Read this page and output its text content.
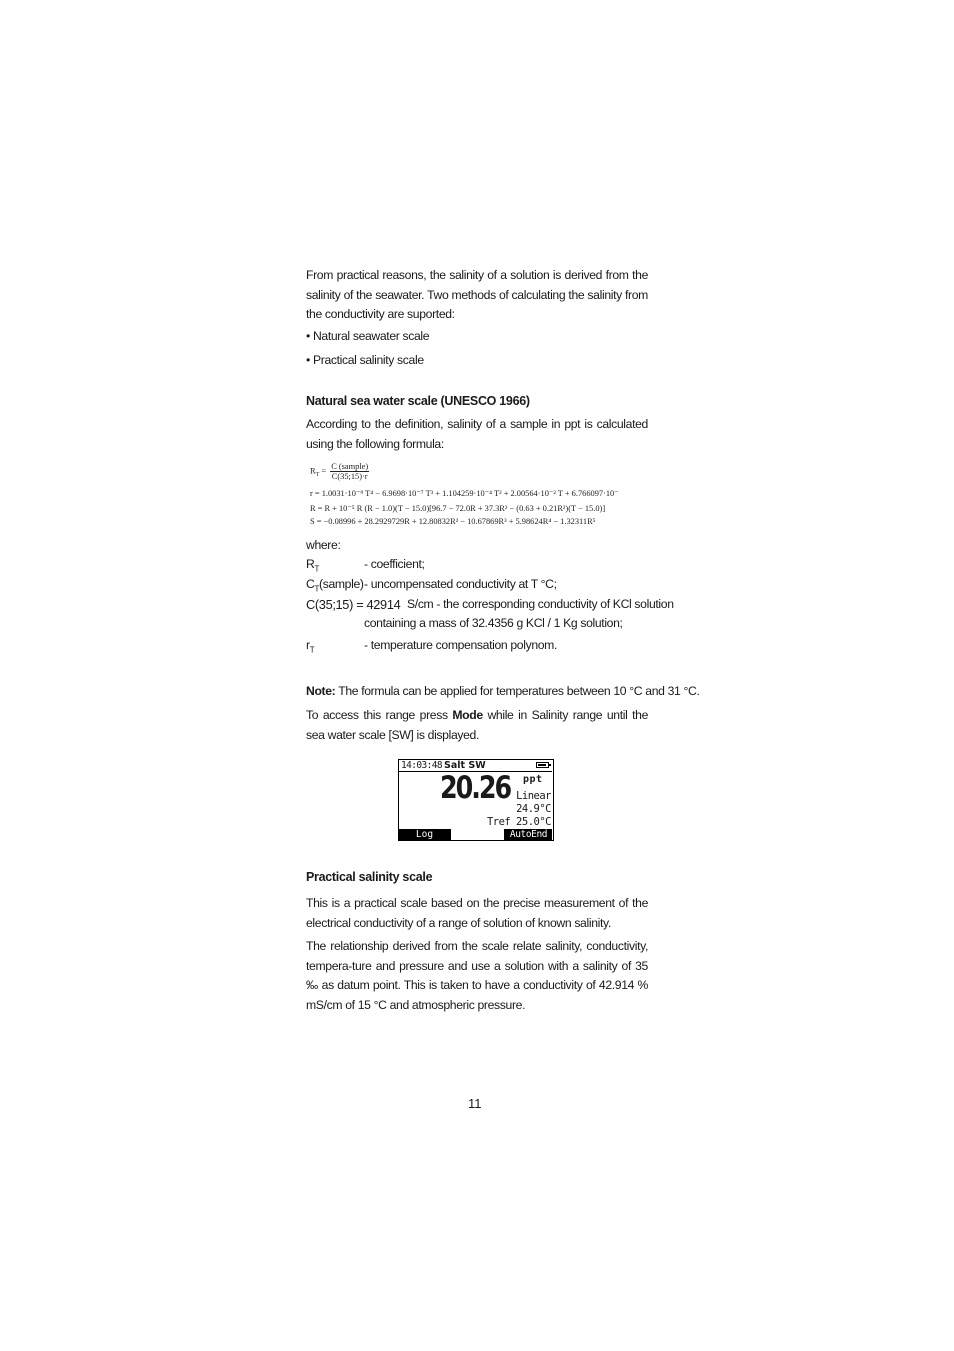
From practical reasons, the salinity of a solution is derived from the salinity of the seawater. Two methods of calculating the salinity from the conductivity are suported:
• Natural seawater scale
• Practical salinity scale
Natural sea water scale (UNESCO 1966)
According to the definition, salinity of a sample in ppt is calculated using the following formula:
$R_T = C$ (sample)
C(35;15)·r
r = 1.0031·10⁻⁹ T⁴ − 6.9698·10⁻⁷ T³ + 1.104259·10⁻⁴ T² + 2.00564·10⁻² T + 6.766097·10⁻
R = R + 10⁻⁵ R (R − 1.0)(T − 15.0)[96.7 − 72.0R + 37.3R² − (0.63 + 0.21R²)(T − 15.0)]
S = −0.08996 + 28.2929729R + 12.80832R² − 10.67869R³ + 5.98624R⁴ − 1.32311R⁵
where:
$R_T$	- coefficient;
$C_T(sample)$ - uncompensated conductivity at T °C;
C(35;15) = 42914 S/cm - the corresponding conductivity of KCl solution
containing a mass of 32.4356 g KCl / 1 Kg solution;
$r_T$	- temperature compensation polynom.
Note: The formula can be applied for temperatures between 10 °C and 31 °C.
To access this range press Mode while in Salinity range until the sea water scale [SW] is displayed.
14:03:48 Salt SW
20.26 ppt
Linear
24.9°C
Tref 25.0°C
Log	AutoEnd
Practical salinity scale
This is a practical scale based on the precise measurement of the electrical conductivity of a range of solution of known salinity.
The relationship derived from the scale relate salinity, conductivity, tempera-ture and pressure and use a solution with a salinity of 35 ‰ as datum point. This is taken to have a conductivity of 42.914 % mS/cm of 15 °C and atmospheric pressure.
11
